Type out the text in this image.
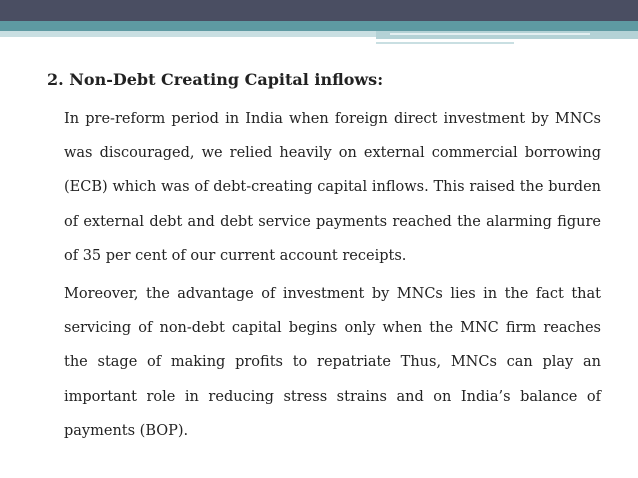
2. Non-Debt Creating Capital inflows:

In pre-reform period in India when foreign direct investment by MNCs was discouraged, we relied heavily on external commercial borrowing (ECB) which was of debt-creating capital inflows. This raised the burden of external debt and debt service payments reached the alarming figure of 35 per cent of our current account receipts.

Moreover, the advantage of investment by MNCs lies in the fact that servicing of non-debt capital begins only when the MNC firm reaches the stage of making profits to repatriate Thus, MNCs can play an important role in reducing stress strains and on India’s balance of payments (BOP).
